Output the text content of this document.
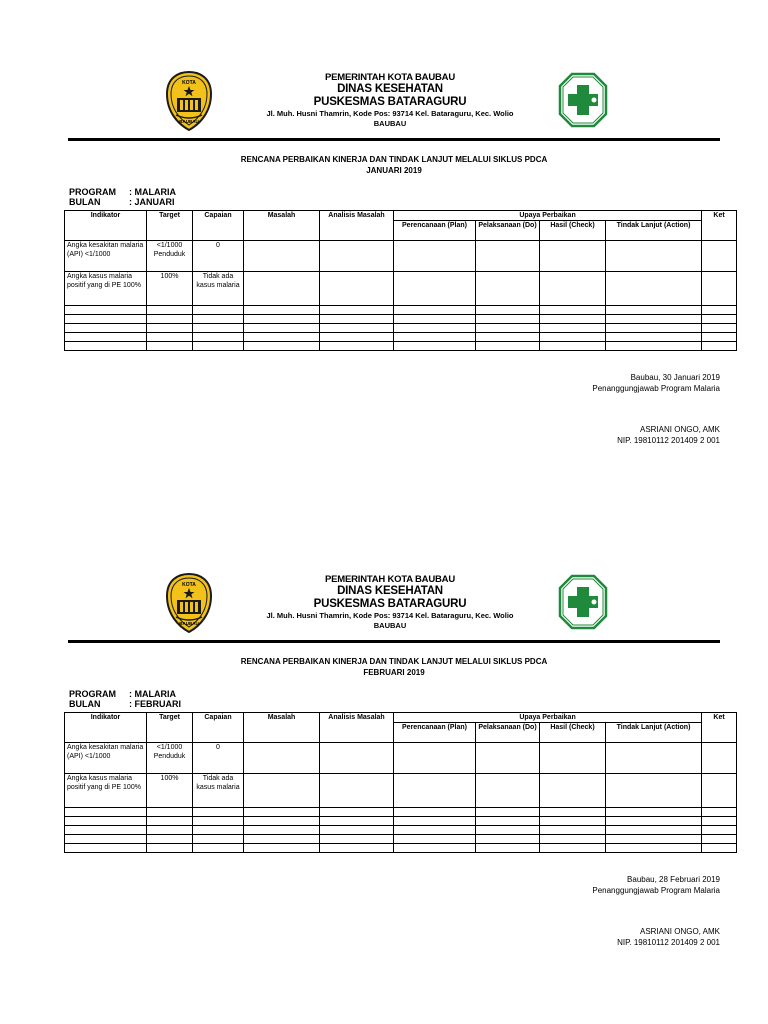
KOTA
BAUBAU
PEMERINTAH KOTA BAUBAU
DINAS KESEHATAN
PUSKESMAS BATARAGURU
Jl. Muh. Husni Thamrin, Kode Pos: 93714 Kel. Bataraguru, Kec. Wolio
BAUBAU
RENCANA PERBAIKAN KINERJA DAN TINDAK LANJUT MELALUI SIKLUS PDCA
JANUARI 2019
PROGRAM : MALARIA
BULAN	: JANUARI
Indikator	Target	Capaian	Masalah	Analisis Masalah	Upaya Perbaikan				Ket
					Perencanaan (Plan)	Pelaksanaan (Do)	Hasil (Check)	Tindak Lanjut (Action)	
Angka kesakitan malaria (API) <1/1000	<1/1000 Penduduk	0							
Angka kasus malaria positif yang di PE 100%	100%	Tidak ada kasus malaria							

Baubau, 30 Januari 2019
Penanggungjawab Program Malaria
ASRIANI ONGO, AMK
NIP. 19810112 201409 2 001
KOTA
BAUBAU
PEMERINTAH KOTA BAUBAU
DINAS KESEHATAN
PUSKESMAS BATARAGURU
Jl. Muh. Husni Thamrin, Kode Pos: 93714 Kel. Bataraguru, Kec. Wolio
BAUBAU
RENCANA PERBAIKAN KINERJA DAN TINDAK LANJUT MELALUI SIKLUS PDCA
FEBRUARI 2019
PROGRAM : MALARIA
BULAN	: FEBRUARI
Indikator	Target	Capaian	Masalah	Analisis Masalah	Upaya Perbaikan				Ket
					Perencanaan (Plan)	Pelaksanaan (Do)	Hasil (Check)	Tindak Lanjut (Action)	
Angka kesakitan malaria (API) <1/1000	<1/1000 Penduduk	0							
Angka kasus malaria positif yang di PE 100%	100%	Tidak ada kasus malaria							

Baubau, 28 Februari 2019
Penanggungjawab Program Malaria
ASRIANI ONGO, AMK
NIP. 19810112 201409 2 001
